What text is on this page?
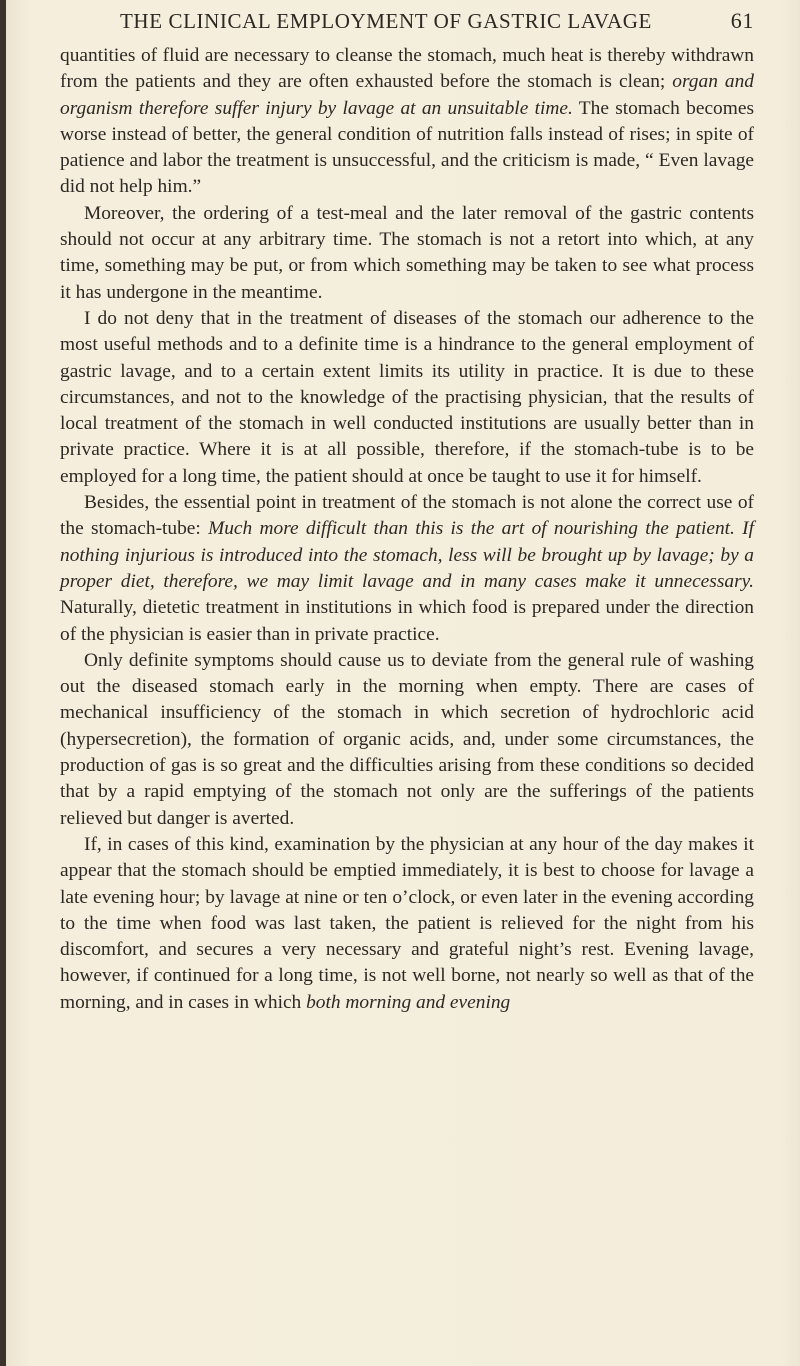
THE CLINICAL EMPLOYMENT OF GASTRIC LAVAGE	61

quantities of fluid are necessary to cleanse the stomach, much heat is thereby withdrawn from the patients and they are often exhausted before the stomach is clean; organ and organism therefore suffer injury by lavage at an unsuitable time. The stomach becomes worse instead of better, the general condition of nutrition falls instead of rises; in spite of patience and labor the treatment is unsuccessful, and the criticism is made, “ Even lavage did not help him.”

Moreover, the ordering of a test-meal and the later removal of the gastric contents should not occur at any arbitrary time. The stomach is not a retort into which, at any time, something may be put, or from which something may be taken to see what process it has undergone in the meantime.

I do not deny that in the treatment of diseases of the stomach our adherence to the most useful methods and to a definite time is a hindrance to the general employment of gastric lavage, and to a certain extent limits its utility in practice. It is due to these circumstances, and not to the knowledge of the practising physician, that the results of local treatment of the stomach in well conducted institutions are usually better than in private practice. Where it is at all possible, therefore, if the stomach-tube is to be employed for a long time, the patient should at once be taught to use it for himself.

Besides, the essential point in treatment of the stomach is not alone the correct use of the stomach-tube: Much more difficult than this is the art of nourishing the patient. If nothing injurious is introduced into the stomach, less will be brought up by lavage; by a proper diet, therefore, we may limit lavage and in many cases make it unnecessary. Naturally, dietetic treatment in institutions in which food is prepared under the direction of the physician is easier than in private practice.

Only definite symptoms should cause us to deviate from the general rule of washing out the diseased stomach early in the morning when empty. There are cases of mechanical insufficiency of the stomach in which secretion of hydrochloric acid (hypersecretion), the formation of organic acids, and, under some circumstances, the production of gas is so great and the difficulties arising from these conditions so decided that by a rapid emptying of the stomach not only are the sufferings of the patients relieved but danger is averted.

If, in cases of this kind, examination by the physician at any hour of the day makes it appear that the stomach should be emptied immediately, it is best to choose for lavage a late evening hour; by lavage at nine or ten o’clock, or even later in the evening according to the time when food was last taken, the patient is relieved for the night from his discomfort, and secures a very necessary and grateful night’s rest. Evening lavage, however, if continued for a long time, is not well borne, not nearly so well as that of the morning, and in cases in which both morning and evening
